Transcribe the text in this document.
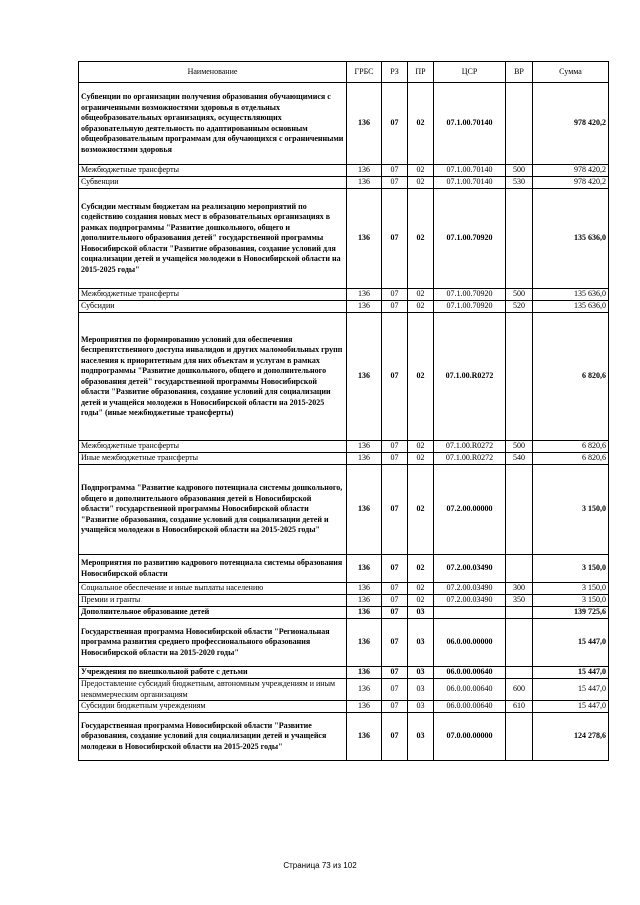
Наименование	ГРБС	РЗ	ПР	ЦСР	ВР	Сумма
Субвенции по организации получения образования обучающимися с ограниченными возможностями здоровья в отдельных общеобразовательных организациях, осуществляющих образовательную деятельность по адаптированным основным общеобразовательным программам для обучающихся с ограниченными возможностями здоровья	136	07	02	07.1.00.70140		978 420,2
Межбюджетные трансферты	136	07	02	07.1.00.70140	500	978 420,2
Субвенции	136	07	02	07.1.00.70140	530	978 420,2
Субсидии местным бюджетам на реализацию мероприятий по содействию создания новых мест в образовательных организациях в рамках подпрограммы "Развитие дошкольного, общего и дополнительного образования детей" государственной программы Новосибирской области "Развитие образования, создание условий для социализации детей и учащейся молодежи в Новосибирской области на 2015-2025 годы"	136	07	02	07.1.00.70920		135 636,0
Межбюджетные трансферты	136	07	02	07.1.00.70920	500	135 636,0
Субсидии	136	07	02	07.1.00.70920	520	135 636,0
Мероприятия по формированию условий для обеспечения беспрепятственного доступа инвалидов и других маломобильных групп населения к приоритетным для них объектам и услугам в рамках подпрограммы "Развитие дошкольного, общего и дополнительного образования детей" государственной программы Новосибирской области "Развитие образования, создание условий для социализации детей и учащейся молодежи в Новосибирской области на 2015-2025 годы" (иные межбюджетные трансферты)	136	07	02	07.1.00.R0272		6 820,6
Межбюджетные трансферты	136	07	02	07.1.00.R0272	500	6 820,6
Иные межбюджетные трансферты	136	07	02	07.1.00.R0272	540	6 820,6
Подпрограмма "Развитие кадрового потенциала системы дошкольного, общего и дополнительного образования детей в Новосибирской области" государственной программы Новосибирской области "Развитие образования, создание условий для социализации детей и учащейся молодежи в Новосибирской области на 2015-2025 годы"	136	07	02	07.2.00.00000		3 150,0
Мероприятия по развитию кадрового потенциала системы образования Новосибирской области	136	07	02	07.2.00.03490		3 150,0
Социальное обеспечение и иные выплаты населению	136	07	02	07.2.00.03490	300	3 150,0
Премии и гранты	136	07	02	07.2.00.03490	350	3 150,0
Дополнительное образование детей	136	07	03			139 725,6
Государственная программа Новосибирской области "Региональная программа развития среднего профессионального образования Новосибирской области на 2015-2020 годы"	136	07	03	06.0.00.00000		15 447,0
Учреждения по внешкольной работе с детьми	136	07	03	06.0.00.00640		15 447,0
Предоставление субсидий бюджетным, автономным учреждениям и иным некоммерческим организациям	136	07	03	06.0.00.00640	600	15 447,0
Субсидии бюджетным учреждениям	136	07	03	06.0.00.00640	610	15 447,0
Государственная программа Новосибирской области "Развитие образования, создание условий для социализации детей и учащейся молодежи в Новосибирской области на 2015-2025 годы"	136	07	03	07.0.00.00000		124 278,6
Страница 73 из 102
